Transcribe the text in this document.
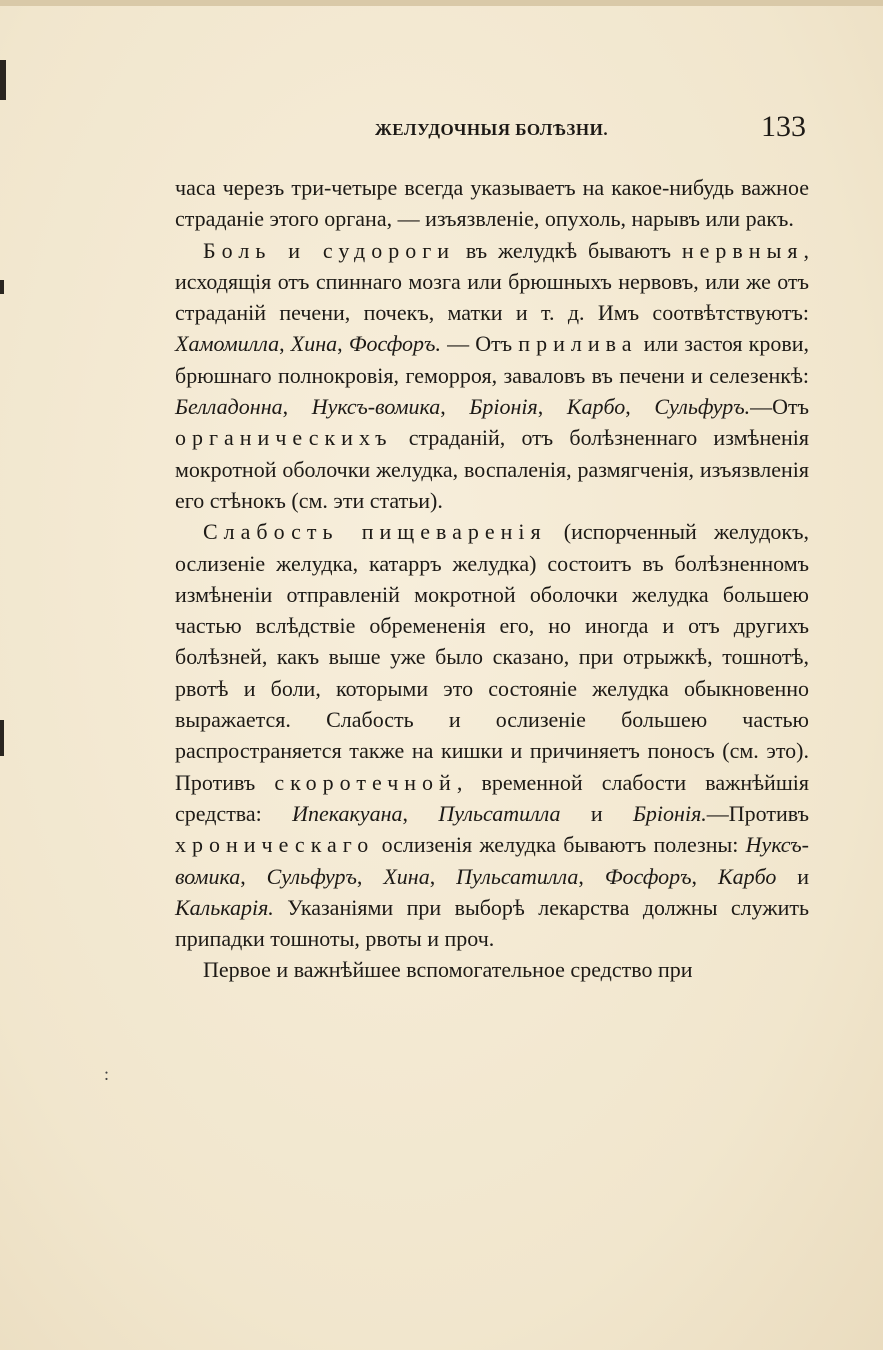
ЖЕЛУДОЧНЫЯ БОЛѢЗНИ.	133
:

часа черезъ три-четыре всегда указываетъ на какое-нибудь важное страданіе этого органа, — изъязвленіе, опухоль, нарывъ или ракъ.

Боль и судороги въ желудкѣ бываютъ нервныя, исходящія отъ спиннаго мозга или брюшныхъ нервовъ, или же отъ страданій печени, почекъ, матки и т. д. Имъ соотвѣтствуютъ: Хамомилла, Хина, Фосфоръ. — Отъ прилива или застоя крови, брюшнаго полнокровія, геморроя, заваловъ въ печени и селезенкѣ: Белладонна, Нуксъ-вомика, Бріонія, Карбо, Сульфуръ.—Отъ органическихъ страданій, отъ болѣзненнаго измѣненія мокротной оболочки желудка, воспаленія, размягченія, изъязвленія его стѣнокъ (см. эти статьи).

Слабость пищеваренія (испорченный желудокъ, ослизеніе желудка, катарръ желудка) состоитъ въ болѣзненномъ измѣненіи отправленій мокротной оболочки желудка большею частью вслѣдствіе обремененія его, но иногда и отъ другихъ болѣзней, какъ выше уже было сказано, при отрыжкѣ, тошнотѣ, рвотѣ и боли, которыми это состояніе желудка обыкновенно выражается. Слабость и ослизеніе большею частью распространяется также на кишки и причиняетъ поносъ (см. это). Противъ скоротечной, временной слабости важнѣйшія средства: Ипекакуана, Пульсатилла и Бріонія.—Противъ хроническаго ослизенія желудка бываютъ полезны: Нуксъ-вомика, Сульфуръ, Хина, Пульсатилла, Фосфоръ, Карбо и Калькарія. Указаніями при выборѣ лекарства должны служить припадки тошноты, рвоты и проч.

Первое и важнѣйшее вспомогательное средство при
